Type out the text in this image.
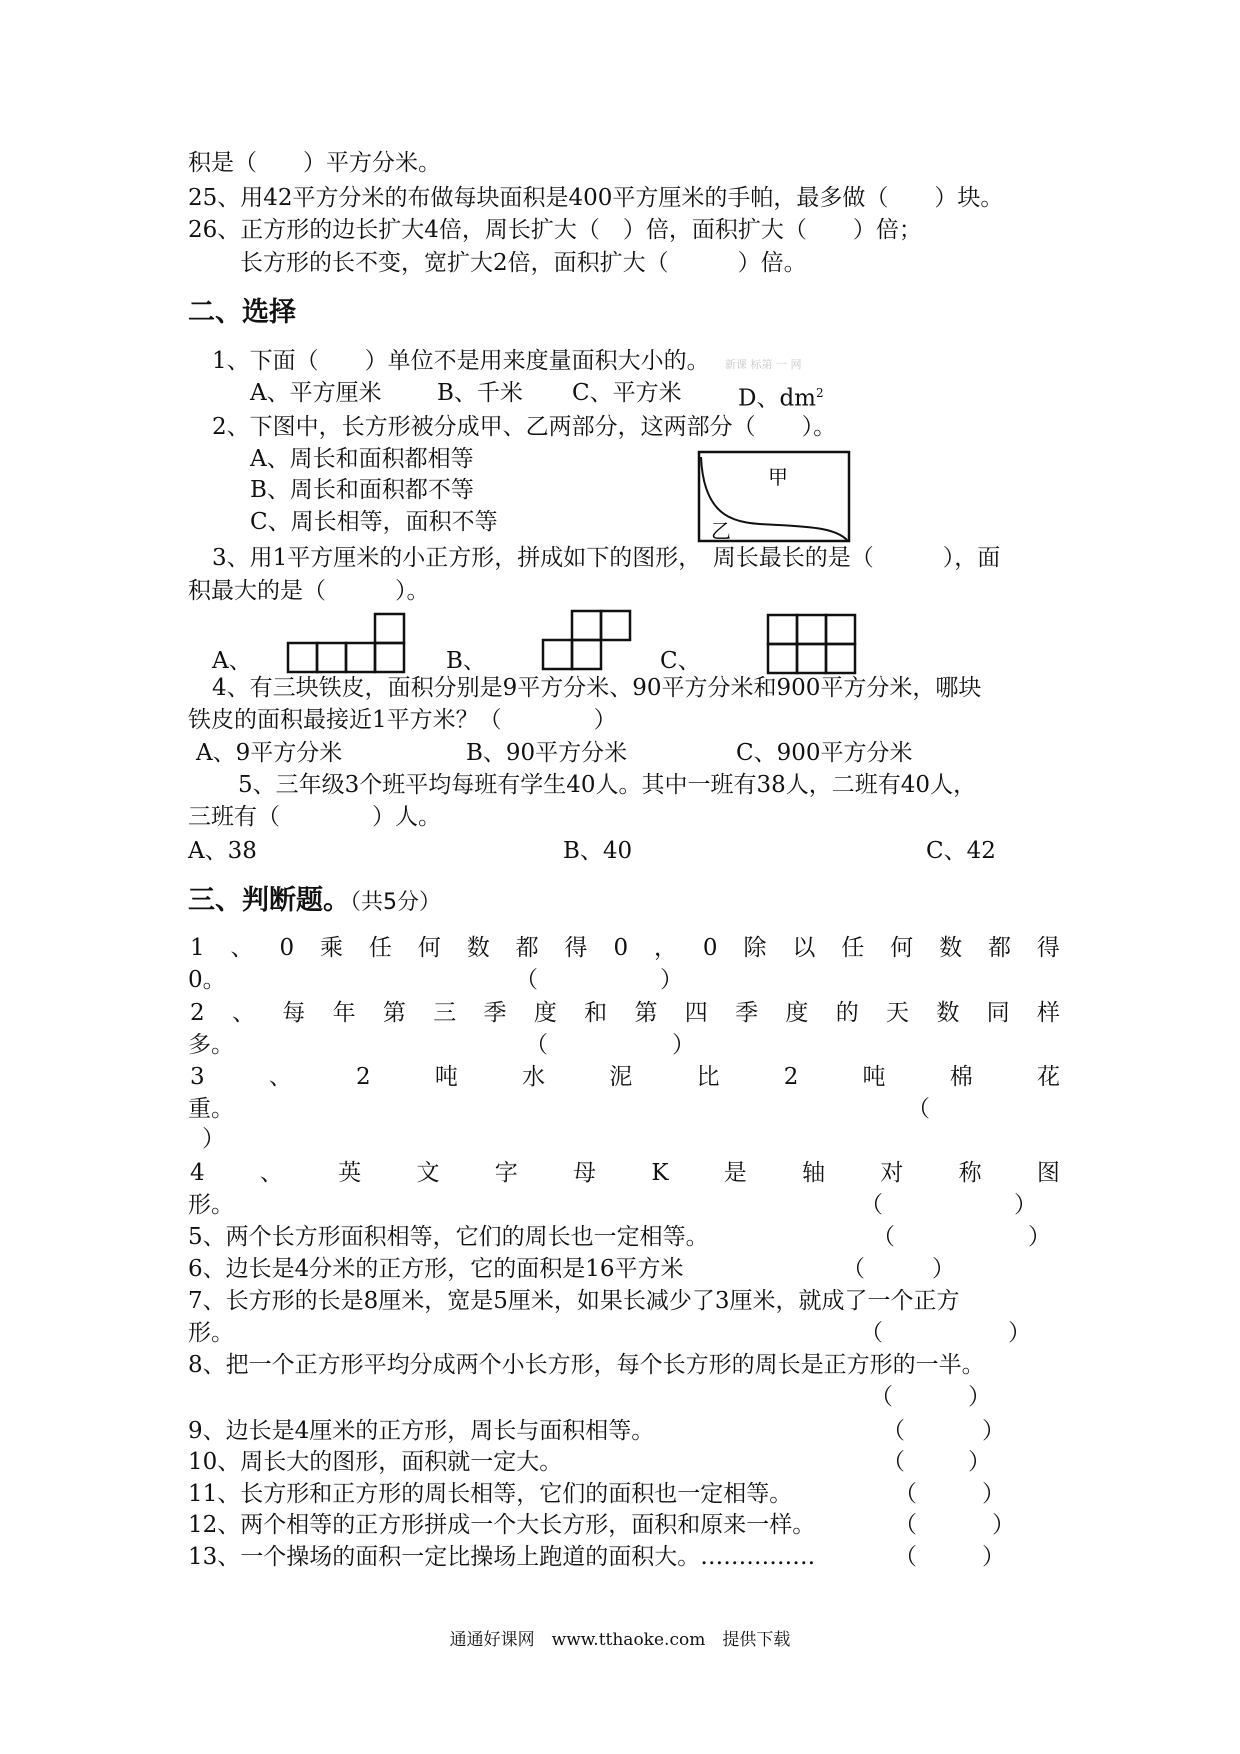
积是（　　）平方分米。
25、用42平方分米的布做每块面积是400平方厘米的手帕，最多做（　　）块。
26、正方形的边长扩大4倍，周长扩大（　）倍，面积扩大（　　）倍；
长方形的长不变，宽扩大2倍，面积扩大（　　　）倍。
二、选择
1、下面（　　）单位不是用来度量面积大小的。 新课 标第 一 网
A、平方厘米 B、千米 C、平方米 D、$dm^2$
2、下图中，长方形被分成甲、乙两部分，这两部分（　　）。
A、周长和面积都相等
B、周长和面积都不等
C、周长相等，面积不等
甲
乙
3、用1平方厘米的小正方形，拼成如下的图形，　周长最长的是（　　　），面
积最大的是（　　　）。
A、	B、	C、
4、有三块铁皮，面积分别是9平方分米、90平方分米和900平方分米，哪块
铁皮的面积最接近1平方米？（　　　　）
A、9平方分米	B、90平方分米	C、900平方分米
5、三年级3个班平均每班有学生40人。其中一班有38人，二班有40人，
三班有（　　　　）人。
A、38	B、40	C、42
三、判断题。（共5分）
1 、 0 乘 任 何 数 都 得 0 ， 0 除 以 任 何 数 都 得
0。	（	）
2 、 每 年 第 三 季 度 和 第 四 季 度 的 天 数 同 样
多。	（	）
3	、	2	吨	水	泥	比	2	吨	棉	花
重。	（
）
4 、 英 文 字 母 K 是 轴 对 称 图
形。	（	）
5、两个长方形面积相等，它们的周长也一定相等。	（	）
6、边长是4分米的正方形，它的面积是16平方米	（	）
7、长方形的长是8厘米，宽是5厘米，如果长减少了3厘米，就成了一个正方
形。	（	）
8、把一个正方形平均分成两个小长方形，每个长方形的周长是正方形的一半。
（	）
9、边长是4厘米的正方形，周长与面积相等。	（	）
10、周长大的图形，面积就一定大。	（	）
11、长方形和正方形的周长相等，它们的面积也一定相等。	（	）
12、两个相等的正方形拼成一个大长方形，面积和原来一样。	（	）
13、一个操场的面积一定比操场上跑道的面积大。……………	（	）
通通好课网　www.tthaoke.com　提供下载
